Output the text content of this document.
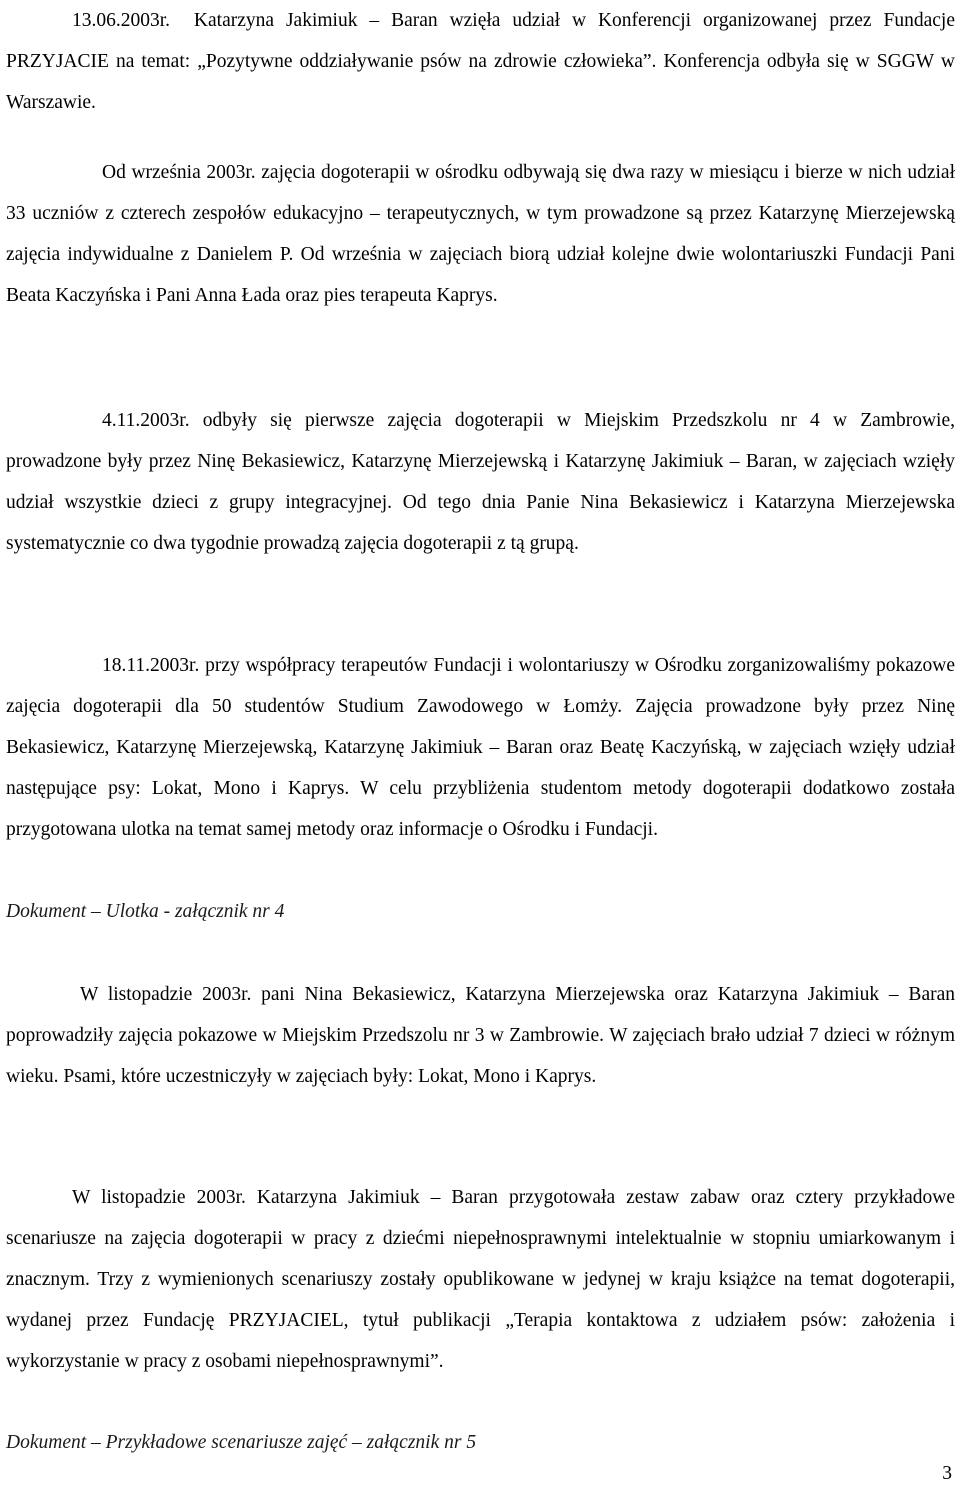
13.06.2003r. Katarzyna Jakimiuk – Baran wzięła udział w Konferencji organizowanej przez Fundacje PRZYJACIE na temat: „Pozytywne oddziaływanie psów na zdrowie człowieka”. Konferencja odbyła się w SGGW w Warszawie.

Od września 2003r. zajęcia dogoterapii w ośrodku odbywają się dwa razy w miesiącu i bierze w nich udział 33 uczniów z czterech zespołów edukacyjno – terapeutycznych, w tym prowadzone są przez Katarzynę Mierzejewską zajęcia indywidualne z Danielem P. Od września w zajęciach biorą udział kolejne dwie wolontariuszki Fundacji Pani Beata Kaczyńska i Pani Anna Łada oraz pies terapeuta Kaprys.

4.11.2003r. odbyły się pierwsze zajęcia dogoterapii w Miejskim Przedszkolu nr 4 w Zambrowie, prowadzone były przez Ninę Bekasiewicz, Katarzynę Mierzejewską i Katarzynę Jakimiuk – Baran, w zajęciach wzięły udział wszystkie dzieci z grupy integracyjnej. Od tego dnia Panie Nina Bekasiewicz i Katarzyna Mierzejewska systematycznie co dwa tygodnie prowadzą zajęcia dogoterapii z tą grupą.

18.11.2003r. przy współpracy terapeutów Fundacji i wolontariuszy w Ośrodku zorganizowaliśmy pokazowe zajęcia dogoterapii dla 50 studentów Studium Zawodowego w Łomży. Zajęcia prowadzone były przez Ninę Bekasiewicz, Katarzynę Mierzejewską, Katarzynę Jakimiuk – Baran oraz Beatę Kaczyńską, w zajęciach wzięły udział następujące psy: Lokat, Mono i Kaprys. W celu przybliżenia studentom metody dogoterapii dodatkowo została przygotowana ulotka na temat samej metody oraz informacje o Ośrodku i Fundacji.

Dokument – Ulotka - załącznik nr 4

W listopadzie 2003r. pani Nina Bekasiewicz, Katarzyna Mierzejewska oraz Katarzyna Jakimiuk – Baran poprowadziły zajęcia pokazowe w Miejskim Przedszolu nr 3 w Zambrowie. W zajęciach brało udział 7 dzieci w różnym wieku. Psami, które uczestniczyły w zajęciach były: Lokat, Mono i Kaprys.

W listopadzie 2003r. Katarzyna Jakimiuk – Baran przygotowała zestaw zabaw oraz cztery przykładowe scenariusze na zajęcia dogoterapii w pracy z dziećmi niepełnosprawnymi intelektualnie w stopniu umiarkowanym i znacznym. Trzy z wymienionych scenariuszy zostały opublikowane w jedynej w kraju książce na temat dogoterapii, wydanej przez Fundację PRZYJACIEL, tytuł publikacji „Terapia kontaktowa z udziałem psów: założenia i wykorzystanie w pracy z osobami niepełnosprawnymi”.

Dokument – Przykładowe scenariusze zajęć – załącznik nr 5

3
